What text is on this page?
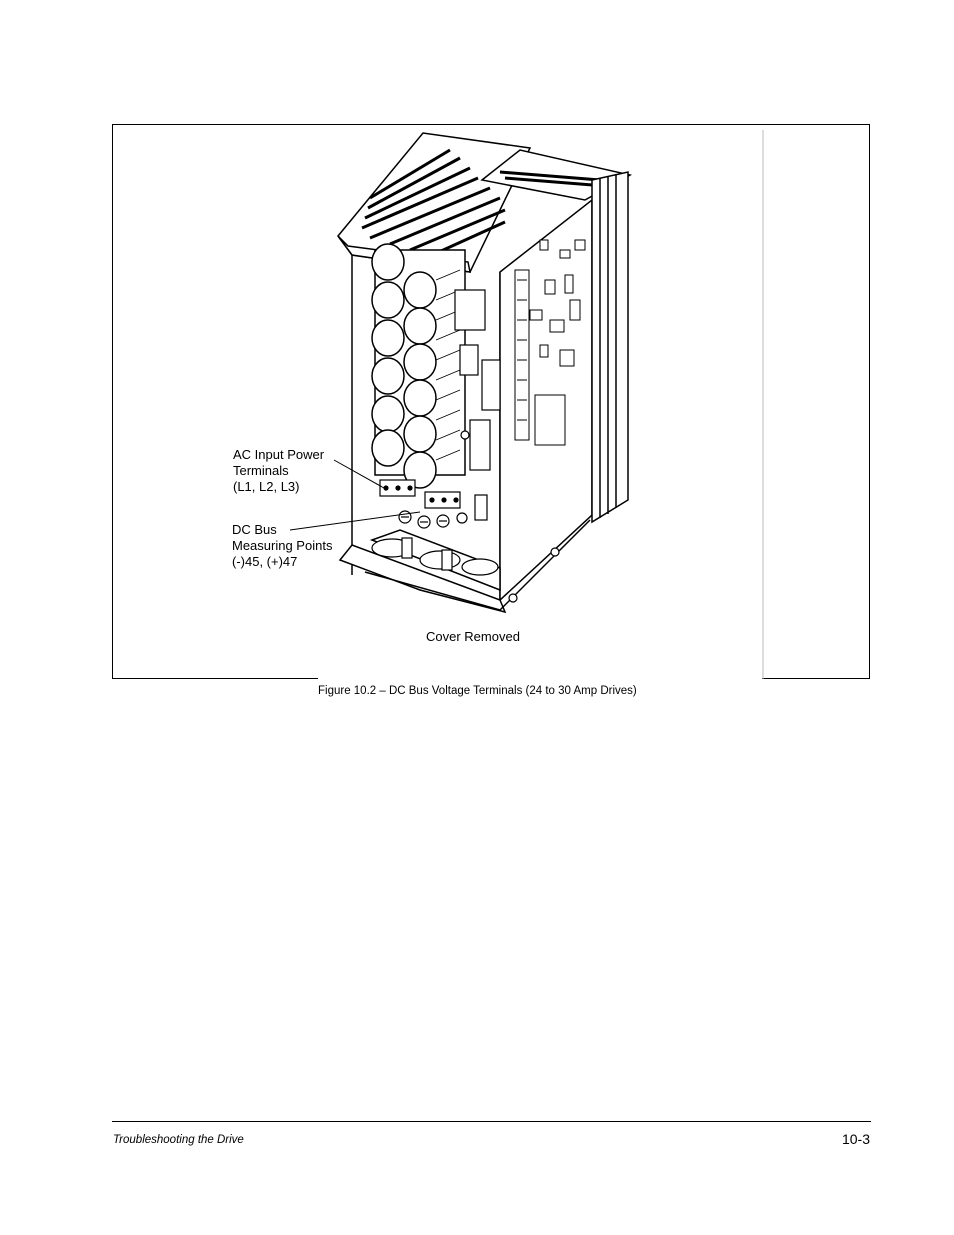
AC Input Power
Terminals
(L1, L2, L3)
DC Bus
Measuring Points
(-)45, (+)47
Cover Removed
Figure 10.2 – DC Bus Voltage Terminals (24 to 30 Amp Drives)
Troubleshooting the Drive	10-3
